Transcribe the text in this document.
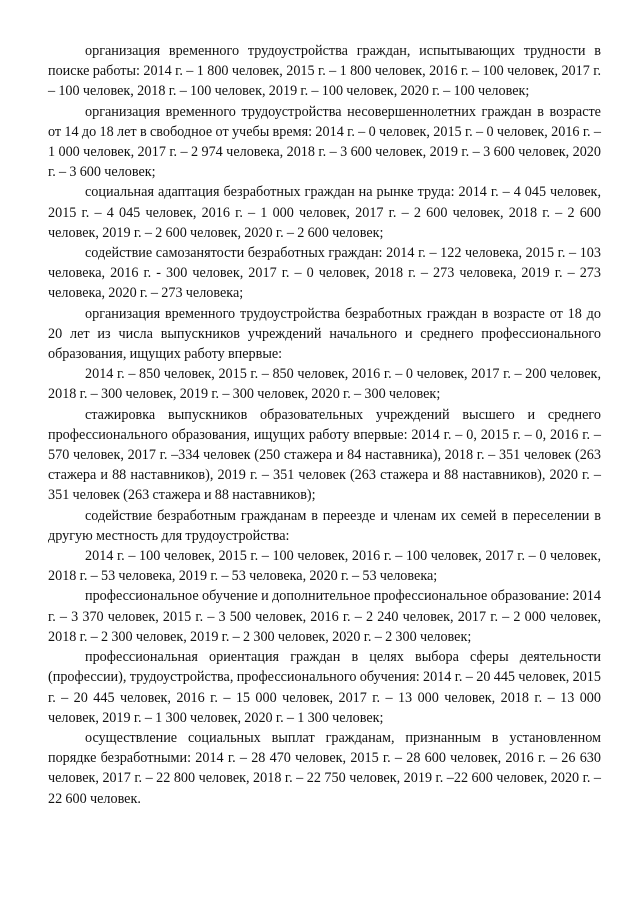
организация временного трудоустройства граждан, испытывающих трудности в поиске работы: 2014 г. – 1 800 человек, 2015 г. – 1 800 человек, 2016 г. – 100 человек, 2017 г. – 100 человек, 2018 г. – 100 человек, 2019 г. – 100 человек, 2020 г. – 100 человек;

организация временного трудоустройства несовершеннолетних граждан в возрасте от 14 до 18 лет в свободное от учебы время: 2014 г. – 0 человек, 2015 г. – 0 человек, 2016 г. – 1 000 человек, 2017 г. – 2 974 человека, 2018 г. – 3 600 человек, 2019 г. – 3 600 человек, 2020 г. – 3 600 человек;

социальная адаптация безработных граждан на рынке труда: 2014 г. – 4 045 человек, 2015 г. – 4 045 человек, 2016 г. – 1 000 человек, 2017 г. – 2 600 человек, 2018 г. – 2 600 человек, 2019 г. – 2 600 человек, 2020 г. – 2 600 человек;

содействие самозанятости безработных граждан: 2014 г. – 122 человека, 2015 г. – 103 человека, 2016 г. - 300 человек, 2017 г. – 0 человек, 2018 г. – 273 человека, 2019 г. – 273 человека, 2020 г. – 273 человека;

организация временного трудоустройства безработных граждан в возрасте от 18 до 20 лет из числа выпускников учреждений начального и среднего профессионального образования, ищущих работу впервые:

2014 г. – 850 человек, 2015 г. – 850 человек, 2016 г. – 0 человек, 2017 г. – 200 человек, 2018 г. – 300 человек, 2019 г. – 300 человек, 2020 г. – 300 человек;

стажировка выпускников образовательных учреждений высшего и среднего профессионального образования, ищущих работу впервые: 2014 г. – 0, 2015 г. – 0, 2016 г. – 570 человек, 2017 г. –334 человек (250 стажера и 84 наставника), 2018 г. – 351 человек (263 стажера и 88 наставников), 2019 г. – 351 человек (263 стажера и 88 наставников), 2020 г. – 351 человек (263 стажера и 88 наставников);

содействие безработным гражданам в переезде и членам их семей в переселении в другую местность для трудоустройства:

2014 г. – 100 человек, 2015 г. – 100 человек, 2016 г. – 100 человек, 2017 г. – 0 человек, 2018 г. – 53 человека, 2019 г. – 53 человека, 2020 г. – 53 человека;

профессиональное обучение и дополнительное профессиональное образование: 2014 г. – 3 370 человек, 2015 г. – 3 500 человек, 2016 г. – 2 240 человек, 2017 г. – 2 000 человек, 2018 г. – 2 300 человек, 2019 г. – 2 300 человек, 2020 г. – 2 300 человек;

профессиональная ориентация граждан в целях выбора сферы деятельности (профессии), трудоустройства, профессионального обучения: 2014 г. – 20 445 человек, 2015 г. – 20 445 человек, 2016 г. – 15 000 человек, 2017 г. – 13 000 человек, 2018 г. – 13 000 человек, 2019 г. – 1 300 человек, 2020 г. – 1 300 человек;

осуществление социальных выплат гражданам, признанным в установленном порядке безработными: 2014 г. – 28 470 человек, 2015 г. – 28 600 человек, 2016 г. – 26 630 человек, 2017 г. – 22 800 человек, 2018 г. – 22 750 человек, 2019 г. –22 600 человек, 2020 г. – 22 600 человек.
